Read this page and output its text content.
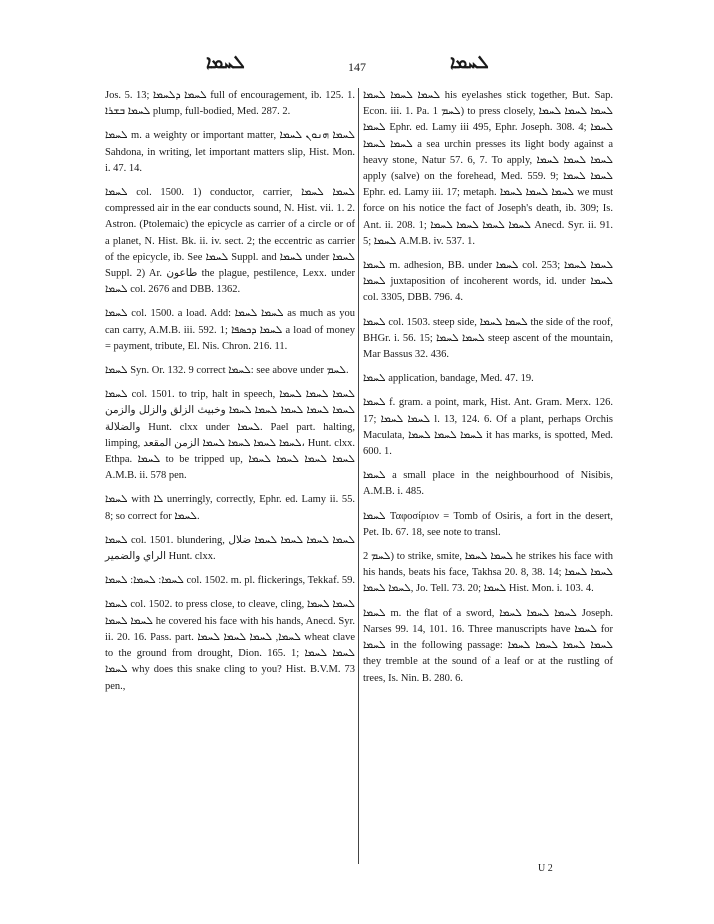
ܠܚܡܐ	147	ܠܚܡܐ

Jos. 5. 13; ܠܚܡܐ ܕܠܚܡܐ full of encouragement, ib. 125. 1. ܠܚܡܐ ܒܫܪܐ plump, full-bodied, Med. 287. 2.

ܠܚܡܐ m. a weighty or important matter, ܠܚܡܐ ܗܢܘܢ ܠܚܡܐ Sahdona, in writing, let important matters slip, Hist. Mon. i. 47. 14.

ܠܚܡܐ col. 1500. 1) conductor, carrier, ܠܚܡܐ ܠܚܡܐ compressed air in the ear conducts sound, N. Hist. vii. 1. 2. Astron. (Ptolemaic) the epicycle as carrier of a circle or of a planet, N. Hist. Bk. ii. iv. sect. 2; the eccentric as carrier of the epicycle, ib. See ܠܚܡܐ Suppl. and ܠܚܡܐ under ܠܚܡܐ Suppl. 2) Ar. طاعون the plague, pestilence, Lexx. under ܠܚܡܐ col. 2676 and DBB. 1362.

ܠܚܡܐ col. 1500. a load. Add: ܠܚܡܐ ܠܚܡܐ as much as you can carry, A.M.B. iii. 592. 1; ܠܚܡܐ ܕܟܣܦܐ a load of money = payment, tribute, El. Nis. Chron. 216. 11.

ܠܚܡܐ Syn. Or. 132. 9 correct ܠܚܡܐ: see above under ܠܚܡ.

ܠܚܡܐ col. 1501. to trip, halt in speech, ܠܚܡܐ ܠܚܡܐ ܠܚܡܐ ܠܚܡܐ ܠܚܡܐ ܠܚܡܐ ܠܚܡܐ ܠܚܡܐ وخبیث الزلق والزلل والزمن والضلالة Hunt. clxx under ܠܚܡܐ. Pael part. halting, limping, ܠܚܡܐ ܠܚܡܐ ܠܚܡܐ ܠܚܡܐ الزمن المقعد، Hunt. clxx. Ethpa. ܠܚܡܐ to be tripped up, ܠܚܡܐ ܠܚܡܐ ܠܚܡܐ ܠܚܡܐ A.M.B. ii. 578 pen.

ܠܚܡܐ with ܠܐ unerringly, correctly, Ephr. ed. Lamy ii. 55. 8; so correct for ܠܚܡܐ.

ܠܚܡܐ col. 1501. blundering, ܠܚܡܐ ܠܚܡܐ ܠܚܡܐ ܠܚܡܐ ضلال الراي والضمير Hunt. clxx.

ܠܚܡܐ: ܠܚܡܐ: ܠܚܡܐ col. 1502. m. pl. flickerings, Tekkaf. 59.

ܠܚܡܐ col. 1502. to press close, to cleave, cling, ܠܚܡܐ ܠܚܡܐ ܠܚܡܐ ܠܚܡܐ he covered his face with his hands, Anecd. Syr. ii. 20. 16. Pass. part. ܠܚܡܐ, ܠܚܡܐ ܠܚܡܐ ܠܚܡܐ wheat clave to the ground from drought, Dion. 165. 1; ܠܚܡܐ ܠܚܡܐ ܠܚܡܐ why does this snake cling to you? Hist. B.V.M. 73 pen.,

ܠܚܡܐ ܠܚܡܐ ܠܚܡܐ his eyelashes stick together, But. Sap. Econ. iii. 1. Pa. ܠܚܡ 1) to press closely, ܠܚܡܐ ܠܚܡܐ ܠܚܡܐ ܠܚܡܐ Ephr. ed. Lamy iii 495, Ephr. Joseph. 308. 4; ܠܚܡܐ ܠܚܡܐ ܠܚܡܐ a sea urchin presses its light body against a heavy stone, Natur 57. 6, 7. To apply, ܠܚܡܐ ܠܚܡܐ ܠܚܡܐ apply (salve) on the forehead, Med. 559. 9; ܠܚܡܐ ܠܚܡܐ Ephr. ed. Lamy iii. 17; metaph. ܠܚܡܐ ܠܚܡܐ ܠܚܡܐ we must force on his notice the fact of Joseph's death, ib. 309; Is. Ant. ii. 208. 1; ܠܚܡܐ ܠܚܡܐ ܠܚܡܐ ܠܚܡܐ Anecd. Syr. ii. 91. 5; ܠܚܡܐ A.M.B. iv. 537. 1.

ܠܚܡܐ m. adhesion, BB. under ܠܚܡܐ col. 253; ܠܚܡܐ ܠܚܡܐ ܠܚܡܐ juxtaposition of incoherent words, id. under ܠܚܡܐ col. 3305, DBB. 796. 4.

ܠܚܡܐ col. 1503. steep side, ܠܚܡܐ ܠܚܡܐ the side of the roof, BHGr. i. 56. 15; ܠܚܡܐ ܠܚܡܐ steep ascent of the mountain, Mar Bassus 32. 436.

ܠܚܡܐ application, bandage, Med. 47. 19.

ܠܚܡܐ f. gram. a point, mark, Hist. Ant. Gram. Merx. 126. 17; ܠܚܡܐ ܠܚܡܐ l. 13, 124. 6. Of a plant, perhaps Orchis Maculata, ܠܚܡܐ ܠܚܡܐ ܠܚܡܐ it has marks, is spotted, Med. 600. 1.

ܠܚܡܐ a small place in the neighbourhood of Nisibis, A.M.B. i. 485.

ܠܚܡܐ Ταφοσίριον = Tomb of Osiris, a fort in the desert, Pet. Ib. 67. 18, see note to transl.

ܠܚܡ 2) to strike, smite, ܠܚܡܐ ܠܚܡܐ he strikes his face with his hands, beats his face, Takhsa 20. 8, 38. 14; ܠܚܡܐ ܠܚܡܐ ܠܚܡܐ ܠܚܡܐ, Jo. Tell. 73. 20; ܠܚܡܐ Hist. Mon. i. 103. 4.

ܠܚܡܐ m. the flat of a sword, ܠܚܡܐ ܠܚܡܐ ܠܚܡܐ Joseph. Narses 99. 14, 101. 16. Three manuscripts have ܠܚܡܐ for ܠܚܡܐ in the following passage: ܠܚܡܐ ܠܚܡܐ ܠܚܡܐ ܠܚܡܐ they tremble at the sound of a leaf or at the rustling of trees, Is. Nin. B. 280. 6.

U 2
